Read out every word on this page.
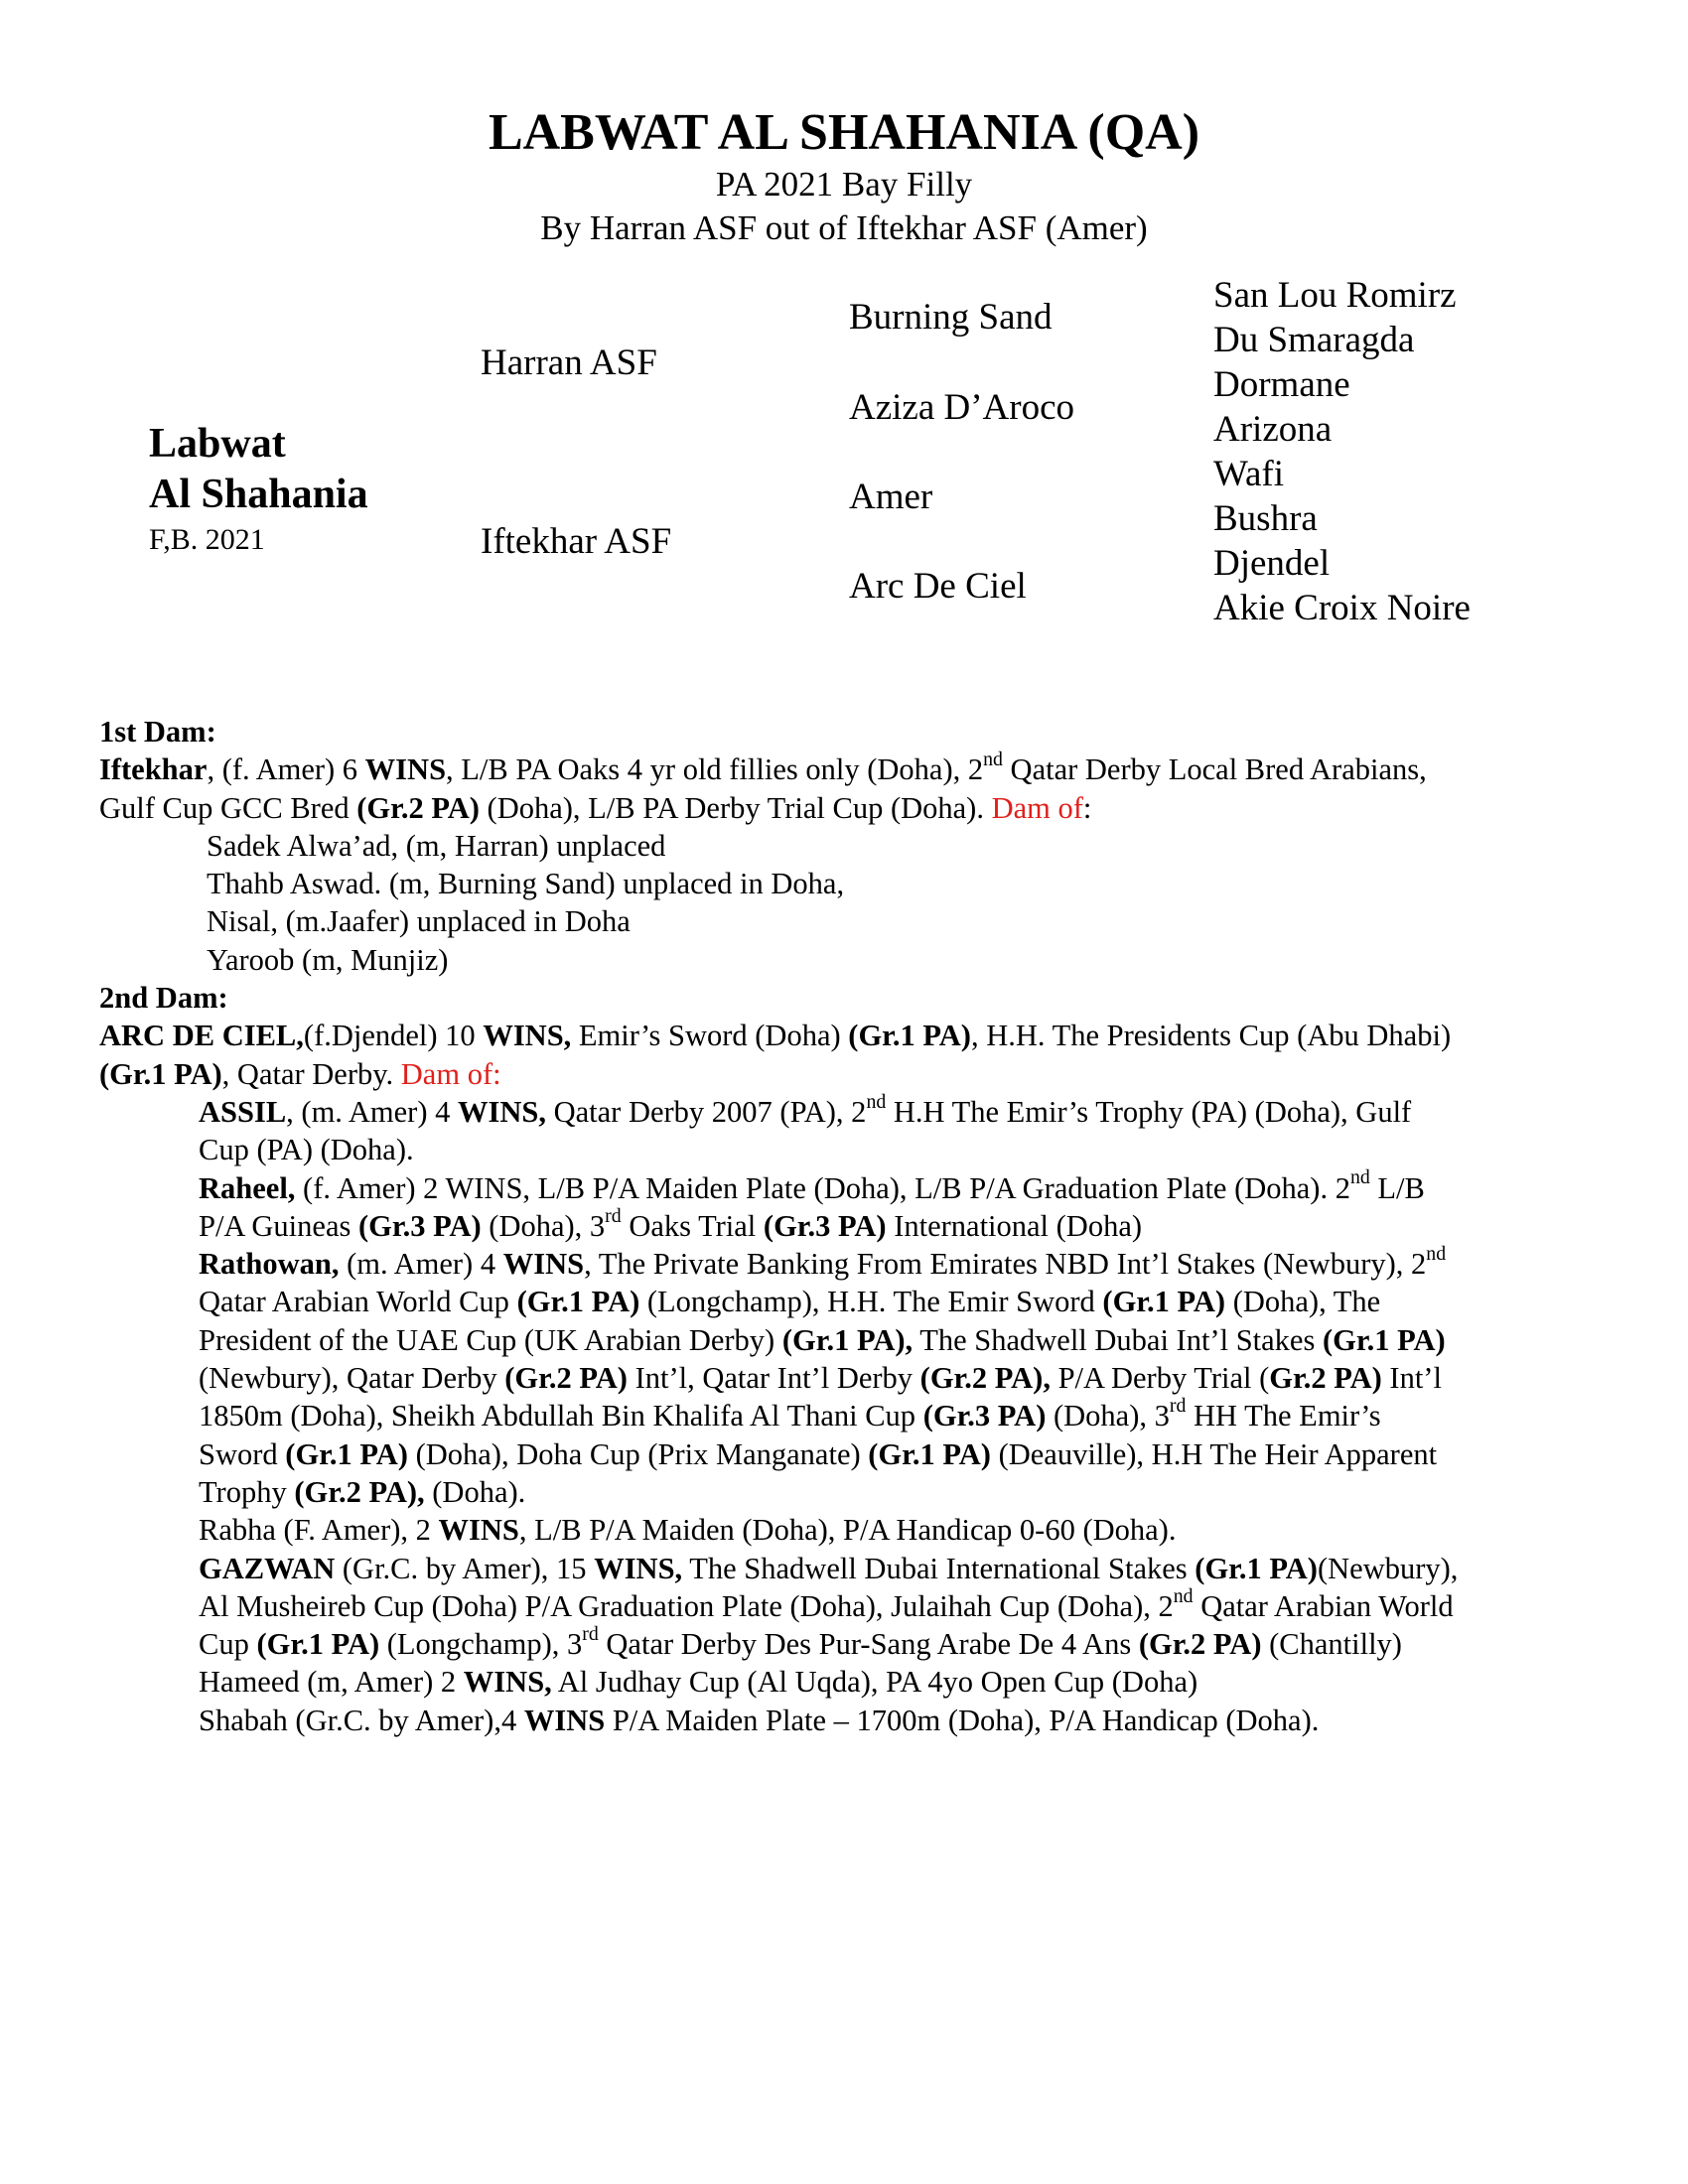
LABWAT AL SHAHANIA (QA)
PA 2021 Bay Filly
By Harran ASF out of Iftekhar ASF (Amer)
Labwat
Al Shahania
F,B. 2021
Harran ASF
Iftekhar ASF
Burning Sand
Aziza D’Aroco
Amer
Arc De Ciel
San Lou Romirz
Du Smaragda
Dormane
Arizona
Wafi
Bushra
Djendel
Akie Croix Noire

1st Dam:

Iftekhar, (f. Amer) 6 WINS, L/B PA Oaks 4 yr old fillies only (Doha), 2nd Qatar Derby Local Bred Arabians,

Gulf Cup GCC Bred (Gr.2 PA) (Doha), L/B PA Derby Trial Cup (Doha). Dam of:

Sadek Alwa’ad, (m, Harran) unplaced

Thahb Aswad. (m, Burning Sand) unplaced in Doha,

Nisal, (m.Jaafer) unplaced in Doha

Yaroob (m, Munjiz)

2nd Dam:

ARC DE CIEL,(f.Djendel) 10 WINS, Emir’s Sword (Doha) (Gr.1 PA), H.H. The Presidents Cup (Abu Dhabi)

(Gr.1 PA), Qatar Derby. Dam of:

ASSIL, (m. Amer) 4 WINS, Qatar Derby 2007 (PA), 2nd H.H The Emir’s Trophy (PA) (Doha), Gulf

Cup (PA) (Doha).

Raheel, (f. Amer) 2 WINS, L/B P/A Maiden Plate (Doha), L/B P/A Graduation Plate (Doha). 2nd L/B

P/A Guineas (Gr.3 PA) (Doha), 3rd Oaks Trial (Gr.3 PA) International (Doha)

Rathowan, (m. Amer) 4 WINS, The Private Banking From Emirates NBD Int’l Stakes (Newbury), 2nd

Qatar Arabian World Cup (Gr.1 PA) (Longchamp), H.H. The Emir Sword (Gr.1 PA) (Doha), The

President of the UAE Cup (UK Arabian Derby) (Gr.1 PA), The Shadwell Dubai Int’l Stakes (Gr.1 PA)

(Newbury), Qatar Derby (Gr.2 PA) Int’l, Qatar Int’l Derby (Gr.2 PA), P/A Derby Trial (Gr.2 PA) Int’l

1850m (Doha), Sheikh Abdullah Bin Khalifa Al Thani Cup (Gr.3 PA) (Doha), 3rd HH The Emir’s

Sword (Gr.1 PA) (Doha), Doha Cup (Prix Manganate) (Gr.1 PA) (Deauville), H.H The Heir Apparent

Trophy (Gr.2 PA), (Doha).

Rabha (F. Amer), 2 WINS, L/B P/A Maiden (Doha), P/A Handicap 0-60 (Doha).

GAZWAN (Gr.C. by Amer), 15 WINS, The Shadwell Dubai International Stakes (Gr.1 PA)(Newbury),

Al Musheireb Cup (Doha) P/A Graduation Plate (Doha), Julaihah Cup (Doha), 2nd Qatar Arabian World

Cup (Gr.1 PA) (Longchamp), 3rd Qatar Derby Des Pur-Sang Arabe De 4 Ans (Gr.2 PA) (Chantilly)

Hameed (m, Amer) 2 WINS, Al Judhay Cup (Al Uqda), PA 4yo Open Cup (Doha)

Shabah (Gr.C. by Amer),4 WINS P/A Maiden Plate – 1700m (Doha), P/A Handicap (Doha).
